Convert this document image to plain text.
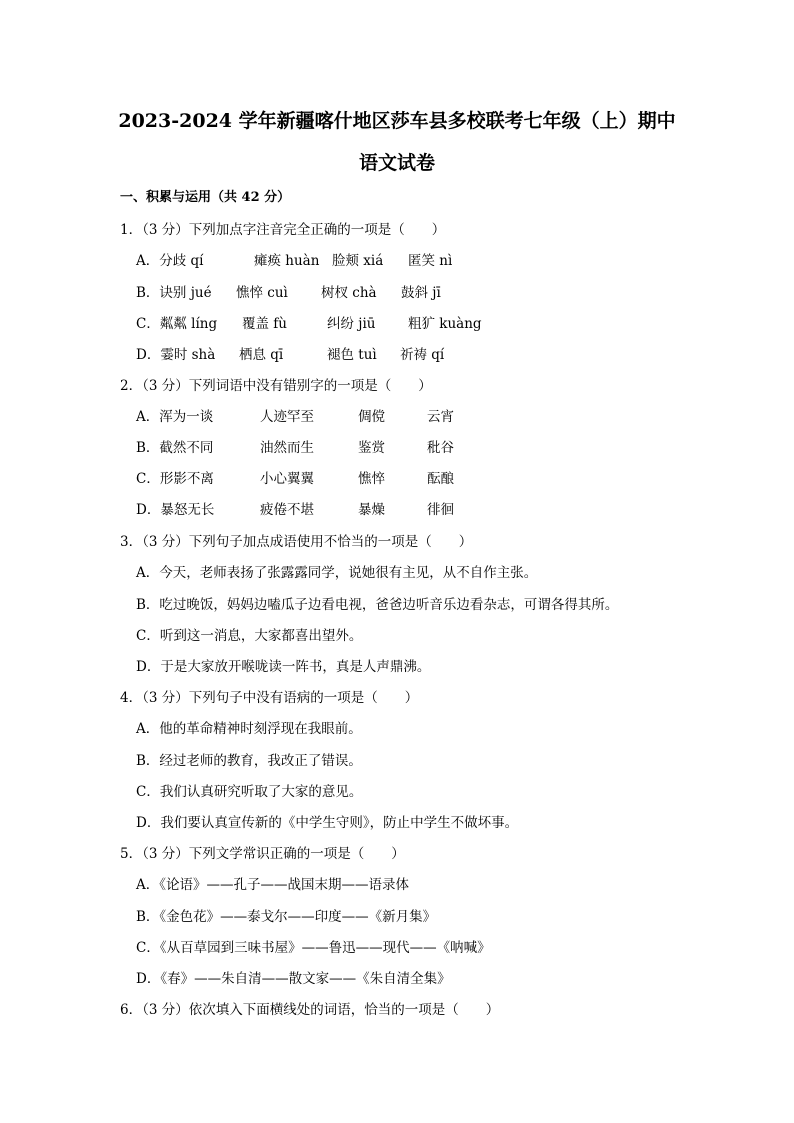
2023-2024 学年新疆喀什地区莎车县多校联考七年级（上）期中
语文试卷
一、积累与运用（共 42 分）
1．（3 分）下列加点字注音完全正确的一项是（　　）
A．分歧 qí	瘫痪 huàn 脸颊 xiá 匿笑 nì
B．诀别 jué 憔悴 cuì 树杈 chà 鼓斜 jī
C．粼粼 líng 覆盖 fù	纠纷 jiū 粗犷 kuàng
D．霎时 shà 栖息 qī	褪色 tuì 祈祷 qí
2．（3 分）下列词语中没有错别字的一项是（　　）
A．浑为一谈	人迹罕至	倜傥	云宵
B．截然不同	油然而生	鉴赏	秕谷
C．形影不离	小心翼翼	憔悴	酝酿
D．暴怒无长	疲倦不堪	暴燥	徘徊
3．（3 分）下列句子加点成语使用不恰当的一项是（　　）
A．今天，老师表扬了张露露同学，说她很有主见，从不自作主张。
B．吃过晚饭，妈妈边嗑瓜子边看电视，爸爸边听音乐边看杂志，可谓各得其所。
C．听到这一消息，大家都喜出望外。
D．于是大家放开喉咙读一阵书，真是人声鼎沸。
4．（3 分）下列句子中没有语病的一项是（　　）
A．他的革命精神时刻浮现在我眼前。
B．经过老师的教育，我改正了错误。
C．我们认真研究听取了大家的意见。
D．我们要认真宣传新的《中学生守则》，防止中学生不做坏事。
5．（3 分）下列文学常识正确的一项是（　　）
A．《论语》——孔子——战国末期——语录体
B．《金色花》——泰戈尔——印度——《新月集》
C．《从百草园到三味书屋》——鲁迅——现代——《呐喊》
D．《春》——朱自清——散文家——《朱自清全集》
6．（3 分）依次填入下面横线处的词语，恰当的一项是（　　）
